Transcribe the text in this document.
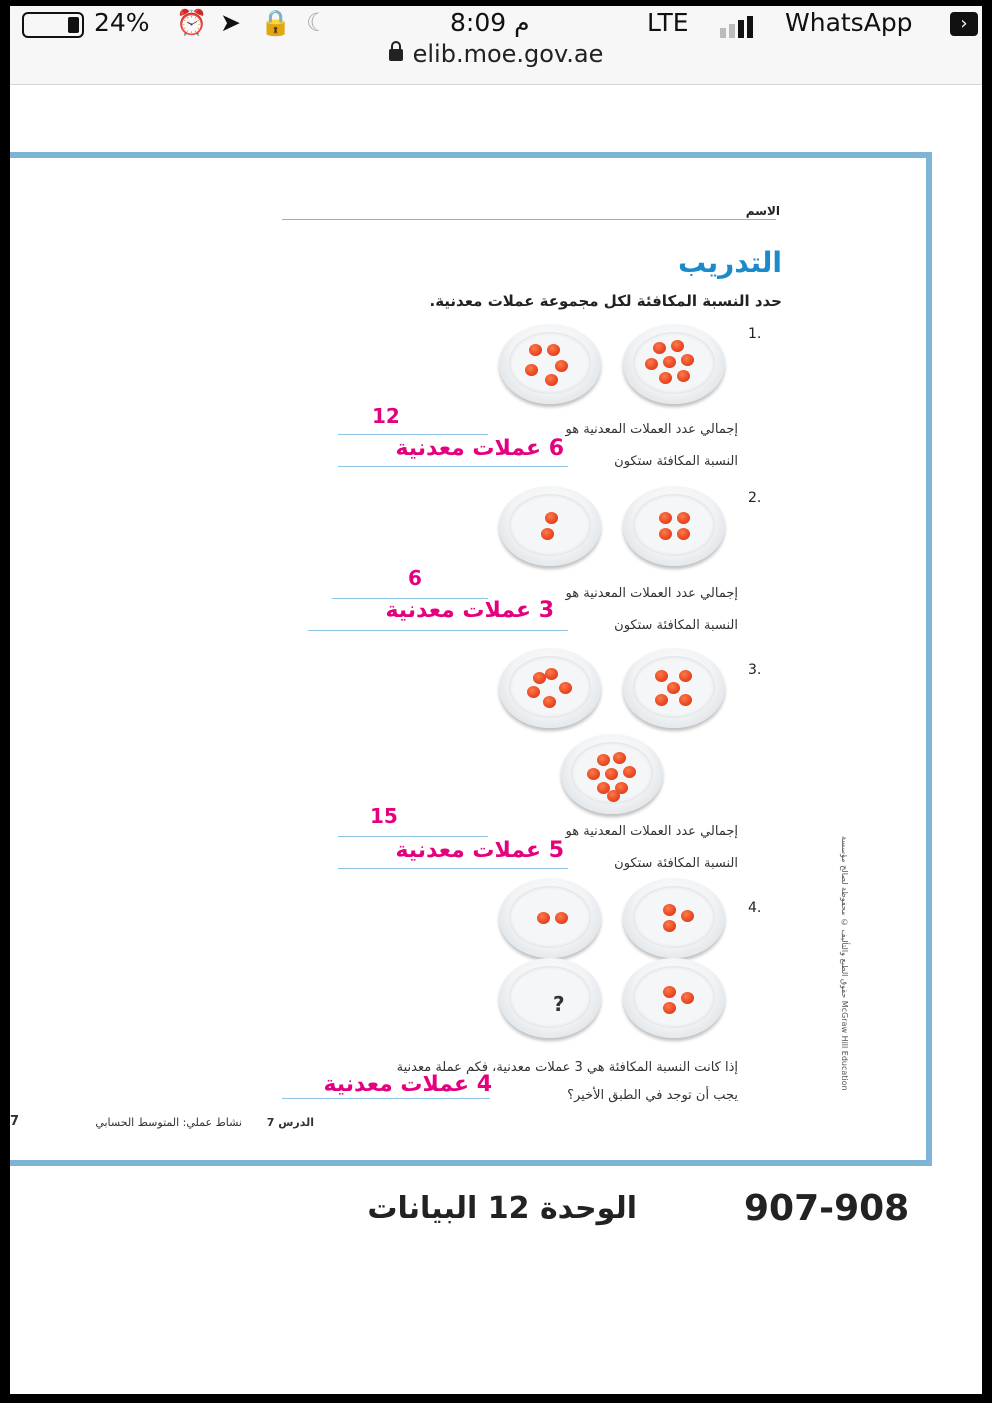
24% ⏰ ➤ 🔒 ☾	8:09 م	LTE	WhatsApp	›
elib.moe.gov.ae
الاسم
التدريب
حدد النسبة المكافئة لكل مجموعة عملات معدنية.
1.
إجمالي عدد العملات المعدنية هو
12
النسبة المكافئة ستكون
6 عملات معدنية
2.
إجمالي عدد العملات المعدنية هو
6
النسبة المكافئة ستكون
3 عملات معدنية
3.
إجمالي عدد العملات المعدنية هو
15
النسبة المكافئة ستكون
5 عملات معدنية
4.
?
إذا كانت النسبة المكافئة هي 3 عملات معدنية، فكم عملة معدنية
يجب أن توجد في الطبق الأخير؟
4 عملات معدنية
الدرس 7
نشاط عملي: المتوسط الحسابي
7
حقوق الطبع والتأليف © محفوظة لصالح مؤسسة McGraw Hill Education
الوحدة 12 البيانات	907-908
